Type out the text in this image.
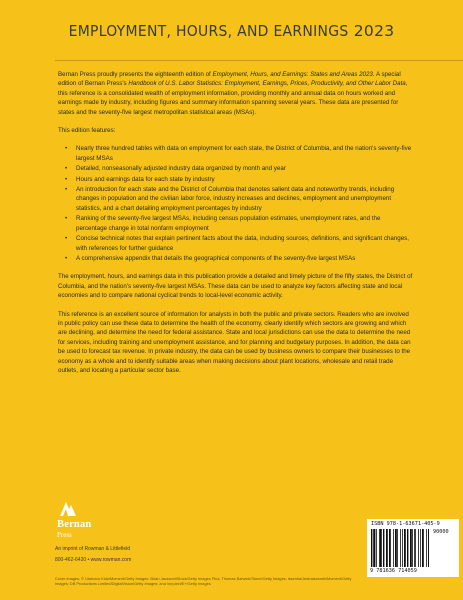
EMPLOYMENT, HOURS, AND EARNINGS 2023

Bernan Press proudly presents the eighteenth edition of Employment, Hours, and Earnings: States and Areas 2023. A special edition of Bernan Press's Handbook of U.S. Labor Statistics: Employment, Earnings, Prices, Productivity, and Other Labor Data, this reference is a consolidated wealth of employment information, providing monthly and annual data on hours worked and earnings made by industry, including figures and summary information spanning several years. These data are presented for states and the seventy-five largest metropolitan statistical areas (MSAs).

This edition features:

• Nearly three hundred tables with data on employment for each state, the District of Columbia, and the nation's seventy-five largest MSAs
• Detailed, nonseasonally adjusted industry data organized by month and year
• Hours and earnings data for each state by industry
• An introduction for each state and the District of Columbia that denotes salient data and noteworthy trends, including changes in population and the civilian labor force, industry increases and declines, employment and unemployment statistics, and a chart detailing employment percentages by industry
• Ranking of the seventy-five largest MSAs, including census population estimates, unemployment rates, and the percentage change in total nonfarm employment
• Concise technical notes that explain pertinent facts about the data, including sources, definitions, and significant changes, with references for further guidance
• A comprehensive appendix that details the geographical components of the seventy-five largest MSAs

The employment, hours, and earnings data in this publication provide a detailed and timely picture of the fifty states, the District of Columbia, and the nation's seventy-five largest MSAs. These data can be used to analyze key factors affecting state and local economies and to compare national cyclical trends to local-level economic activity.

This reference is an excellent source of information for analysts in both the public and private sectors. Readers who are involved in public policy can use these data to determine the health of the economy, clearly identify which sectors are growing and which are declining, and determine the need for federal assistance. State and local jurisdictions can use the data to determine the need for services, including training and unemployment assistance, and for planning and budgetary purposes. In addition, the data can be used to forecast tax revenue. In private industry, the data can be used by business owners to compare their businesses to the economy as a whole and to identify suitable areas when making decisions about plant locations, wholesale and retail trade outlets, and locating a particular sector base.

Bernan
Press
An imprint of Rowman & Littlefield
800-462-6420 • www.rowman.com
Cover images: © Utamaru Kido/Moment/Getty Images; Brian Jackson/iStock/Getty Images Plus; Thomas Barwick/Stone/Getty Images; iksentia/Jedmakosmik/Moment/Getty Images; DB Productions Limited/DigitalVision/Getty Images; and /mrpixel/E+/Getty Images
ISBN 978-1-63671-405-9
90000
9 781636 714059
